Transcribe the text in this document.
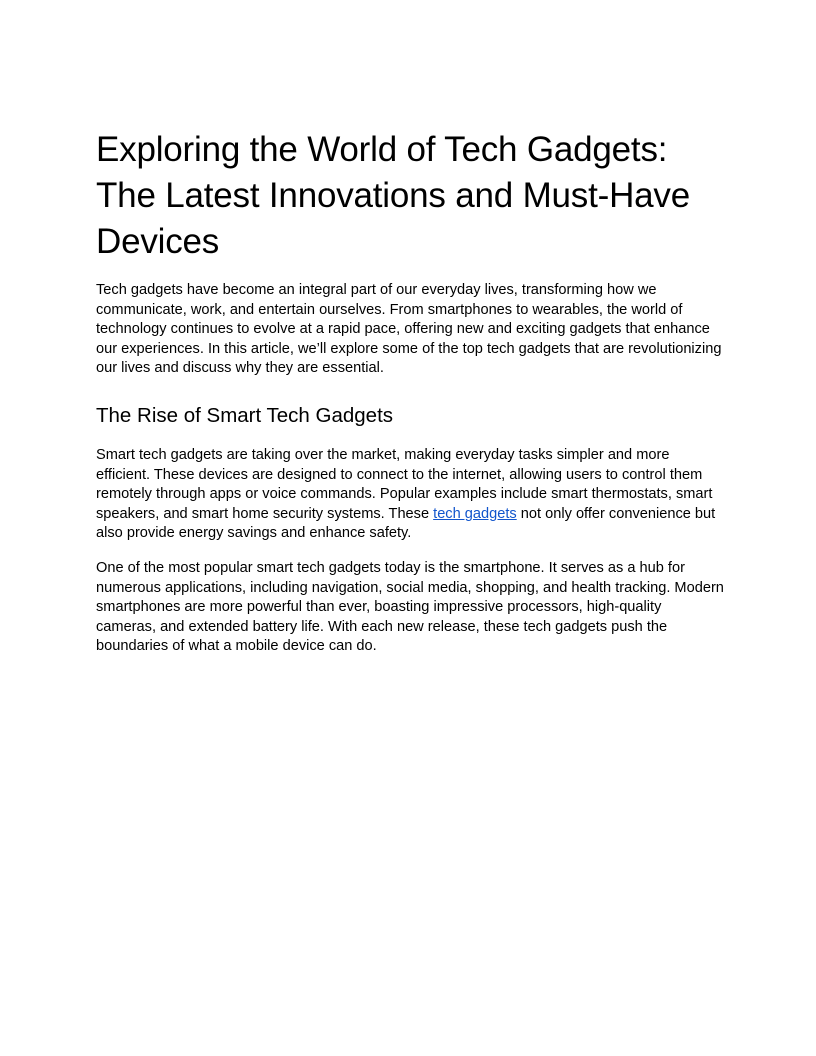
Exploring the World of Tech Gadgets: The Latest Innovations and Must-Have Devices

Tech gadgets have become an integral part of our everyday lives, transforming how we communicate, work, and entertain ourselves. From smartphones to wearables, the world of technology continues to evolve at a rapid pace, offering new and exciting gadgets that enhance our experiences. In this article, we’ll explore some of the top tech gadgets that are revolutionizing our lives and discuss why they are essential.

The Rise of Smart Tech Gadgets

Smart tech gadgets are taking over the market, making everyday tasks simpler and more efficient. These devices are designed to connect to the internet, allowing users to control them remotely through apps or voice commands. Popular examples include smart thermostats, smart speakers, and smart home security systems. These tech gadgets not only offer convenience but also provide energy savings and enhance safety.

One of the most popular smart tech gadgets today is the smartphone. It serves as a hub for numerous applications, including navigation, social media, shopping, and health tracking. Modern smartphones are more powerful than ever, boasting impressive processors, high-quality cameras, and extended battery life. With each new release, these tech gadgets push the boundaries of what a mobile device can do.
